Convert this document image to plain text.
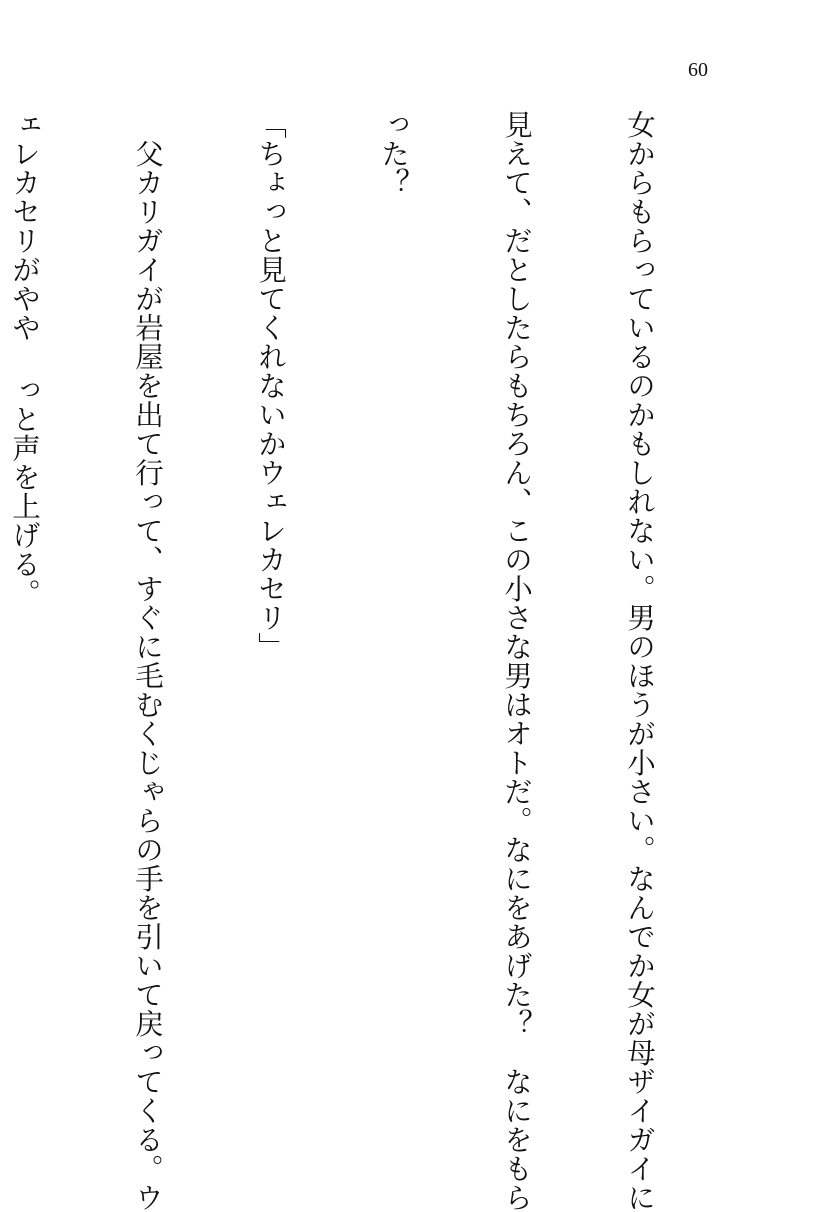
60

女からもらっているのかもしれない。男のほうが小さい。なんでか女が母ザイガイに

見えて、だとしたらもちろん、この小さな男はオトだ。なにをあげた？　なにをもら

った？

「ちょっと見てくれないかウェレカセリ」

　父カリガイが岩屋を出て行って、すぐに毛むくじゃらの手を引いて戻ってくる。ウ

ェレカセリがやや っと声を上げる。
